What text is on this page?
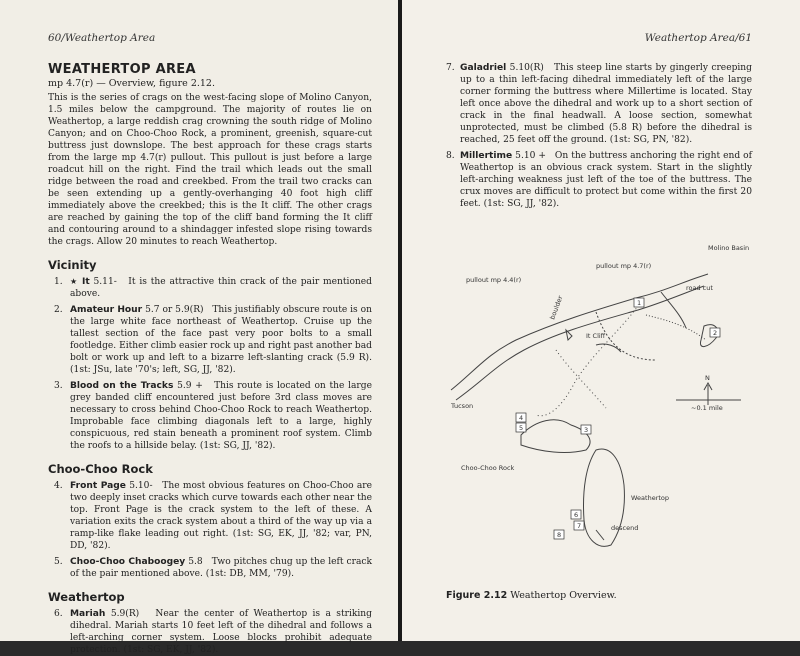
60/Weathertop Area
WEATHERTOP AREA
mp 4.7(r) — Overview, figure 2.12.

This is the series of crags on the west-facing slope of Molino Canyon, 1.5 miles below the campground. The majority of routes lie on Weathertop, a large reddish crag crowning the south ridge of Molino Canyon; and on Choo-Choo Rock, a prominent, greenish, square-cut buttress just downslope. The best approach for these crags starts from the large mp 4.7(r) pullout. This pullout is just before a large roadcut hill on the right. Find the trail which leads out the small ridge between the road and creekbed. From the trail two cracks can be seen extending up a gently-overhanging 40 foot high cliff immediately above the creekbed; this is the It cliff. The other crags are reached by gaining the top of the cliff band forming the It cliff and contouring around to a shindagger infested slope rising towards the crags. Allow 20 minutes to reach Weathertop.

Vicinity
1. ★ It 5.11- It is the attractive thin crack of the pair mentioned above.
2. Amateur Hour 5.7 or 5.9(R) This justifiably obscure route is on the large white face northeast of Weathertop. Cruise up the tallest section of the face past very poor bolts to a small footledge. Either climb easier rock up and right past another bad bolt or work up and left to a bizarre left-slanting crack (5.9 R). (1st: JSu, late '70's; left, SG, JJ, '82).
3. Blood on the Tracks 5.9 + This route is located on the large grey banded cliff encountered just before 3rd class moves are necessary to cross behind Choo-Choo Rock to reach Weathertop. Improbable face climbing diagonals left to a large, highly conspicuous, red stain beneath a prominent roof system. Climb the roofs to a hillside belay. (1st: SG, JJ, '82).
Choo-Choo Rock
4. Front Page 5.10- The most obvious features on Choo-Choo are two deeply inset cracks which curve towards each other near the top. Front Page is the crack system to the left of these. A variation exits the crack system about a third of the way up via a ramp-like flake leading out right. (1st: SG, EK, JJ, '82; var, PN, DD, '82).
5. Choo-Choo Chaboogey 5.8 Two pitches chug up the left crack of the pair mentioned above. (1st: DB, MM, '79).
Weathertop
6. Mariah 5.9(R) Near the center of Weathertop is a striking dihedral. Mariah starts 10 feet left of the dihedral and follows a left-arching corner system. Loose blocks prohibit adequate protection. (1st: SG, EK, JJ, '82).
Weathertop Area/61
7. Galadriel 5.10(R) This steep line starts by gingerly creeping up to a thin left-facing dihedral immediately left of the large corner forming the buttress where Millertime is located. Stay left once above the dihedral and work up to a short section of crack in the final headwall. A loose section, somewhat unprotected, must be climbed (5.8 R) before the dihedral is reached, 25 feet off the ground. (1st: SG, PN, '82).
8. Millertime 5.10 + On the buttress anchoring the right end of Weathertop is an obvious crack system. Start in the slightly left-arching weakness just left of the toe of the buttress. The crux moves are difficult to protect but come within the first 20 feet. (1st: SG, JJ, '82).
1
2
3
4
5
6
7
8
Molino Basin
pullout mp 4.7(r)
pullout mp 4.4(r)
road cut
boulder
It Cliff
Tucson
Choo-Choo Rock
Weathertop
descend
N
~0.1 mile
Figure 2.12 Weathertop Overview.
